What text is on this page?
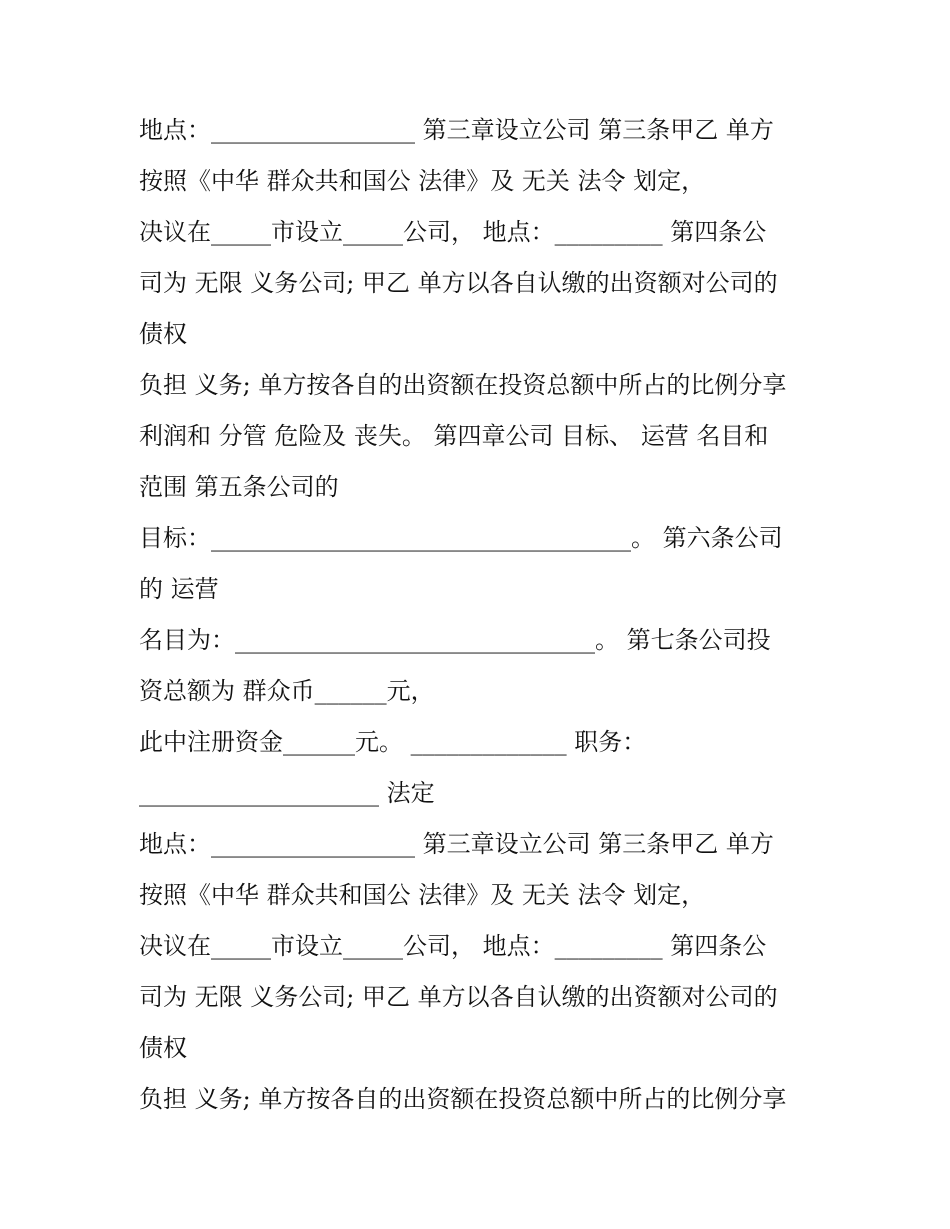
地点：_________________ 第三章设立公司 第三条甲乙 单方
按照《中华 群众共和国公 法律》及 无关 法令 划定，
决议在_____市设立_____公司， 地点：_________ 第四条公
司为 无限 义务公司; 甲乙 单方以各自认缴的出资额对公司的
债权
负担 义务; 单方按各自的出资额在投资总额中所占的比例分享
利润和 分管 危险及 丧失。 第四章公司 目标、 运营 名目和
范围 第五条公司的
目标：___________________________________。 第六条公司
的 运营
名目为：______________________________。 第七条公司投
资总额为 群众币______元，
此中注册资金______元。 _____________ 职务：
____________________ 法定
地点：_________________ 第三章设立公司 第三条甲乙 单方
按照《中华 群众共和国公 法律》及 无关 法令 划定，
决议在_____市设立_____公司， 地点：_________ 第四条公
司为 无限 义务公司; 甲乙 单方以各自认缴的出资额对公司的
债权
负担 义务; 单方按各自的出资额在投资总额中所占的比例分享
